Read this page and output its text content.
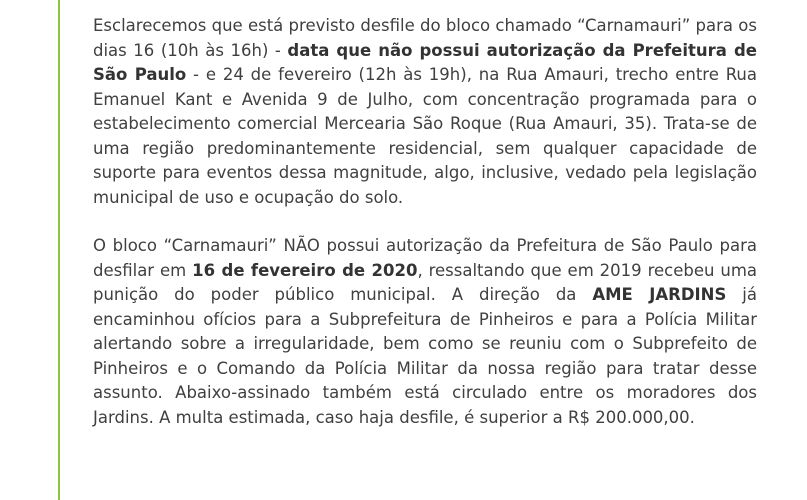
Esclarecemos que está previsto desfile do bloco chamado “Carnamauri” para os dias 16 (10h às 16h) - data que não possui autorização da Prefeitura de São Paulo - e 24 de fevereiro (12h às 19h), na Rua Amauri, trecho entre Rua Emanuel Kant e Avenida 9 de Julho, com concentração programada para o estabelecimento comercial Mercearia São Roque (Rua Amauri, 35). Trata-se de uma região predominantemente residencial, sem qualquer capacidade de suporte para eventos dessa magnitude, algo, inclusive, vedado pela legislação municipal de uso e ocupação do solo.

O bloco “Carnamauri” NÃO possui autorização da Prefeitura de São Paulo para desfilar em 16 de fevereiro de 2020, ressaltando que em 2019 recebeu uma punição do poder público municipal. A direção da AME JARDINS já encaminhou ofícios para a Subprefeitura de Pinheiros e para a Polícia Militar alertando sobre a irregularidade, bem como se reuniu com o Subprefeito de Pinheiros e o Comando da Polícia Militar da nossa região para tratar desse assunto. Abaixo-assinado também está circulado entre os moradores dos Jardins. A multa estimada, caso haja desfile, é superior a R$ 200.000,00.
